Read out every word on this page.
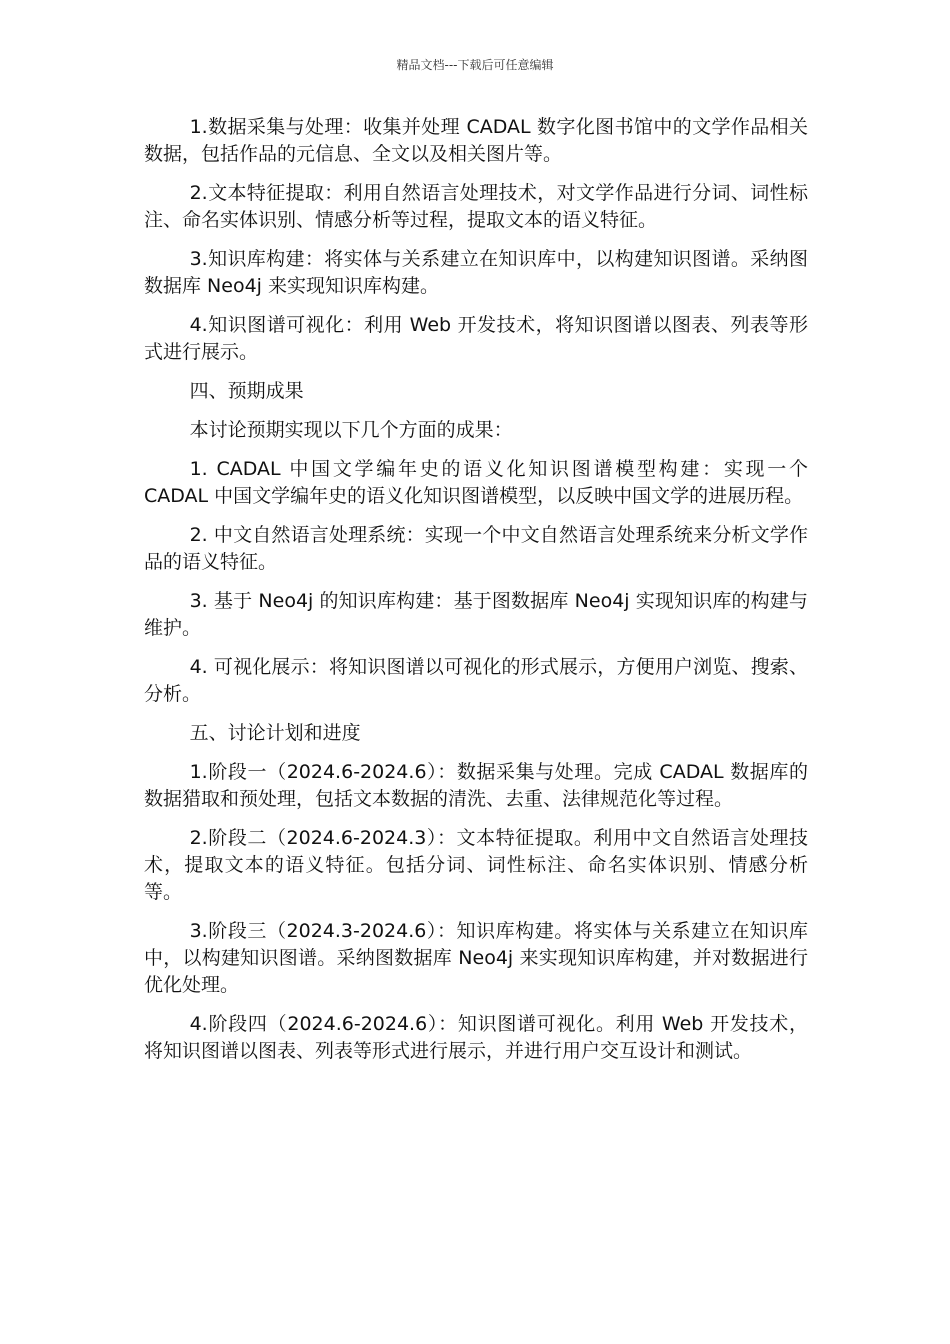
精品文档---下载后可任意编辑

1.数据采集与处理：收集并处理 CADAL 数字化图书馆中的文学作品相关数据，包括作品的元信息、全文以及相关图片等。

2.文本特征提取：利用自然语言处理技术，对文学作品进行分词、词性标注、命名实体识别、情感分析等过程，提取文本的语义特征。

3.知识库构建：将实体与关系建立在知识库中，以构建知识图谱。采纳图数据库 Neo4j 来实现知识库构建。

4.知识图谱可视化：利用 Web 开发技术，将知识图谱以图表、列表等形式进行展示。

四、预期成果

本讨论预期实现以下几个方面的成果：

1. CADAL 中国文学编年史的语义化知识图谱模型构建：实现一个 CADAL 中国文学编年史的语义化知识图谱模型，以反映中国文学的进展历程。

2. 中文自然语言处理系统：实现一个中文自然语言处理系统来分析文学作品的语义特征。

3. 基于 Neo4j 的知识库构建：基于图数据库 Neo4j 实现知识库的构建与维护。

4. 可视化展示：将知识图谱以可视化的形式展示，方便用户浏览、搜索、分析。

五、讨论计划和进度

1.阶段一（2024.6-2024.6）：数据采集与处理。完成 CADAL 数据库的数据猎取和预处理，包括文本数据的清洗、去重、法律规范化等过程。

2.阶段二（2024.6-2024.3）：文本特征提取。利用中文自然语言处理技术，提取文本的语义特征。包括分词、词性标注、命名实体识别、情感分析等。

3.阶段三（2024.3-2024.6）：知识库构建。将实体与关系建立在知识库中，以构建知识图谱。采纳图数据库 Neo4j 来实现知识库构建，并对数据进行优化处理。

4.阶段四（2024.6-2024.6）：知识图谱可视化。利用 Web 开发技术，将知识图谱以图表、列表等形式进行展示，并进行用户交互设计和测试。
